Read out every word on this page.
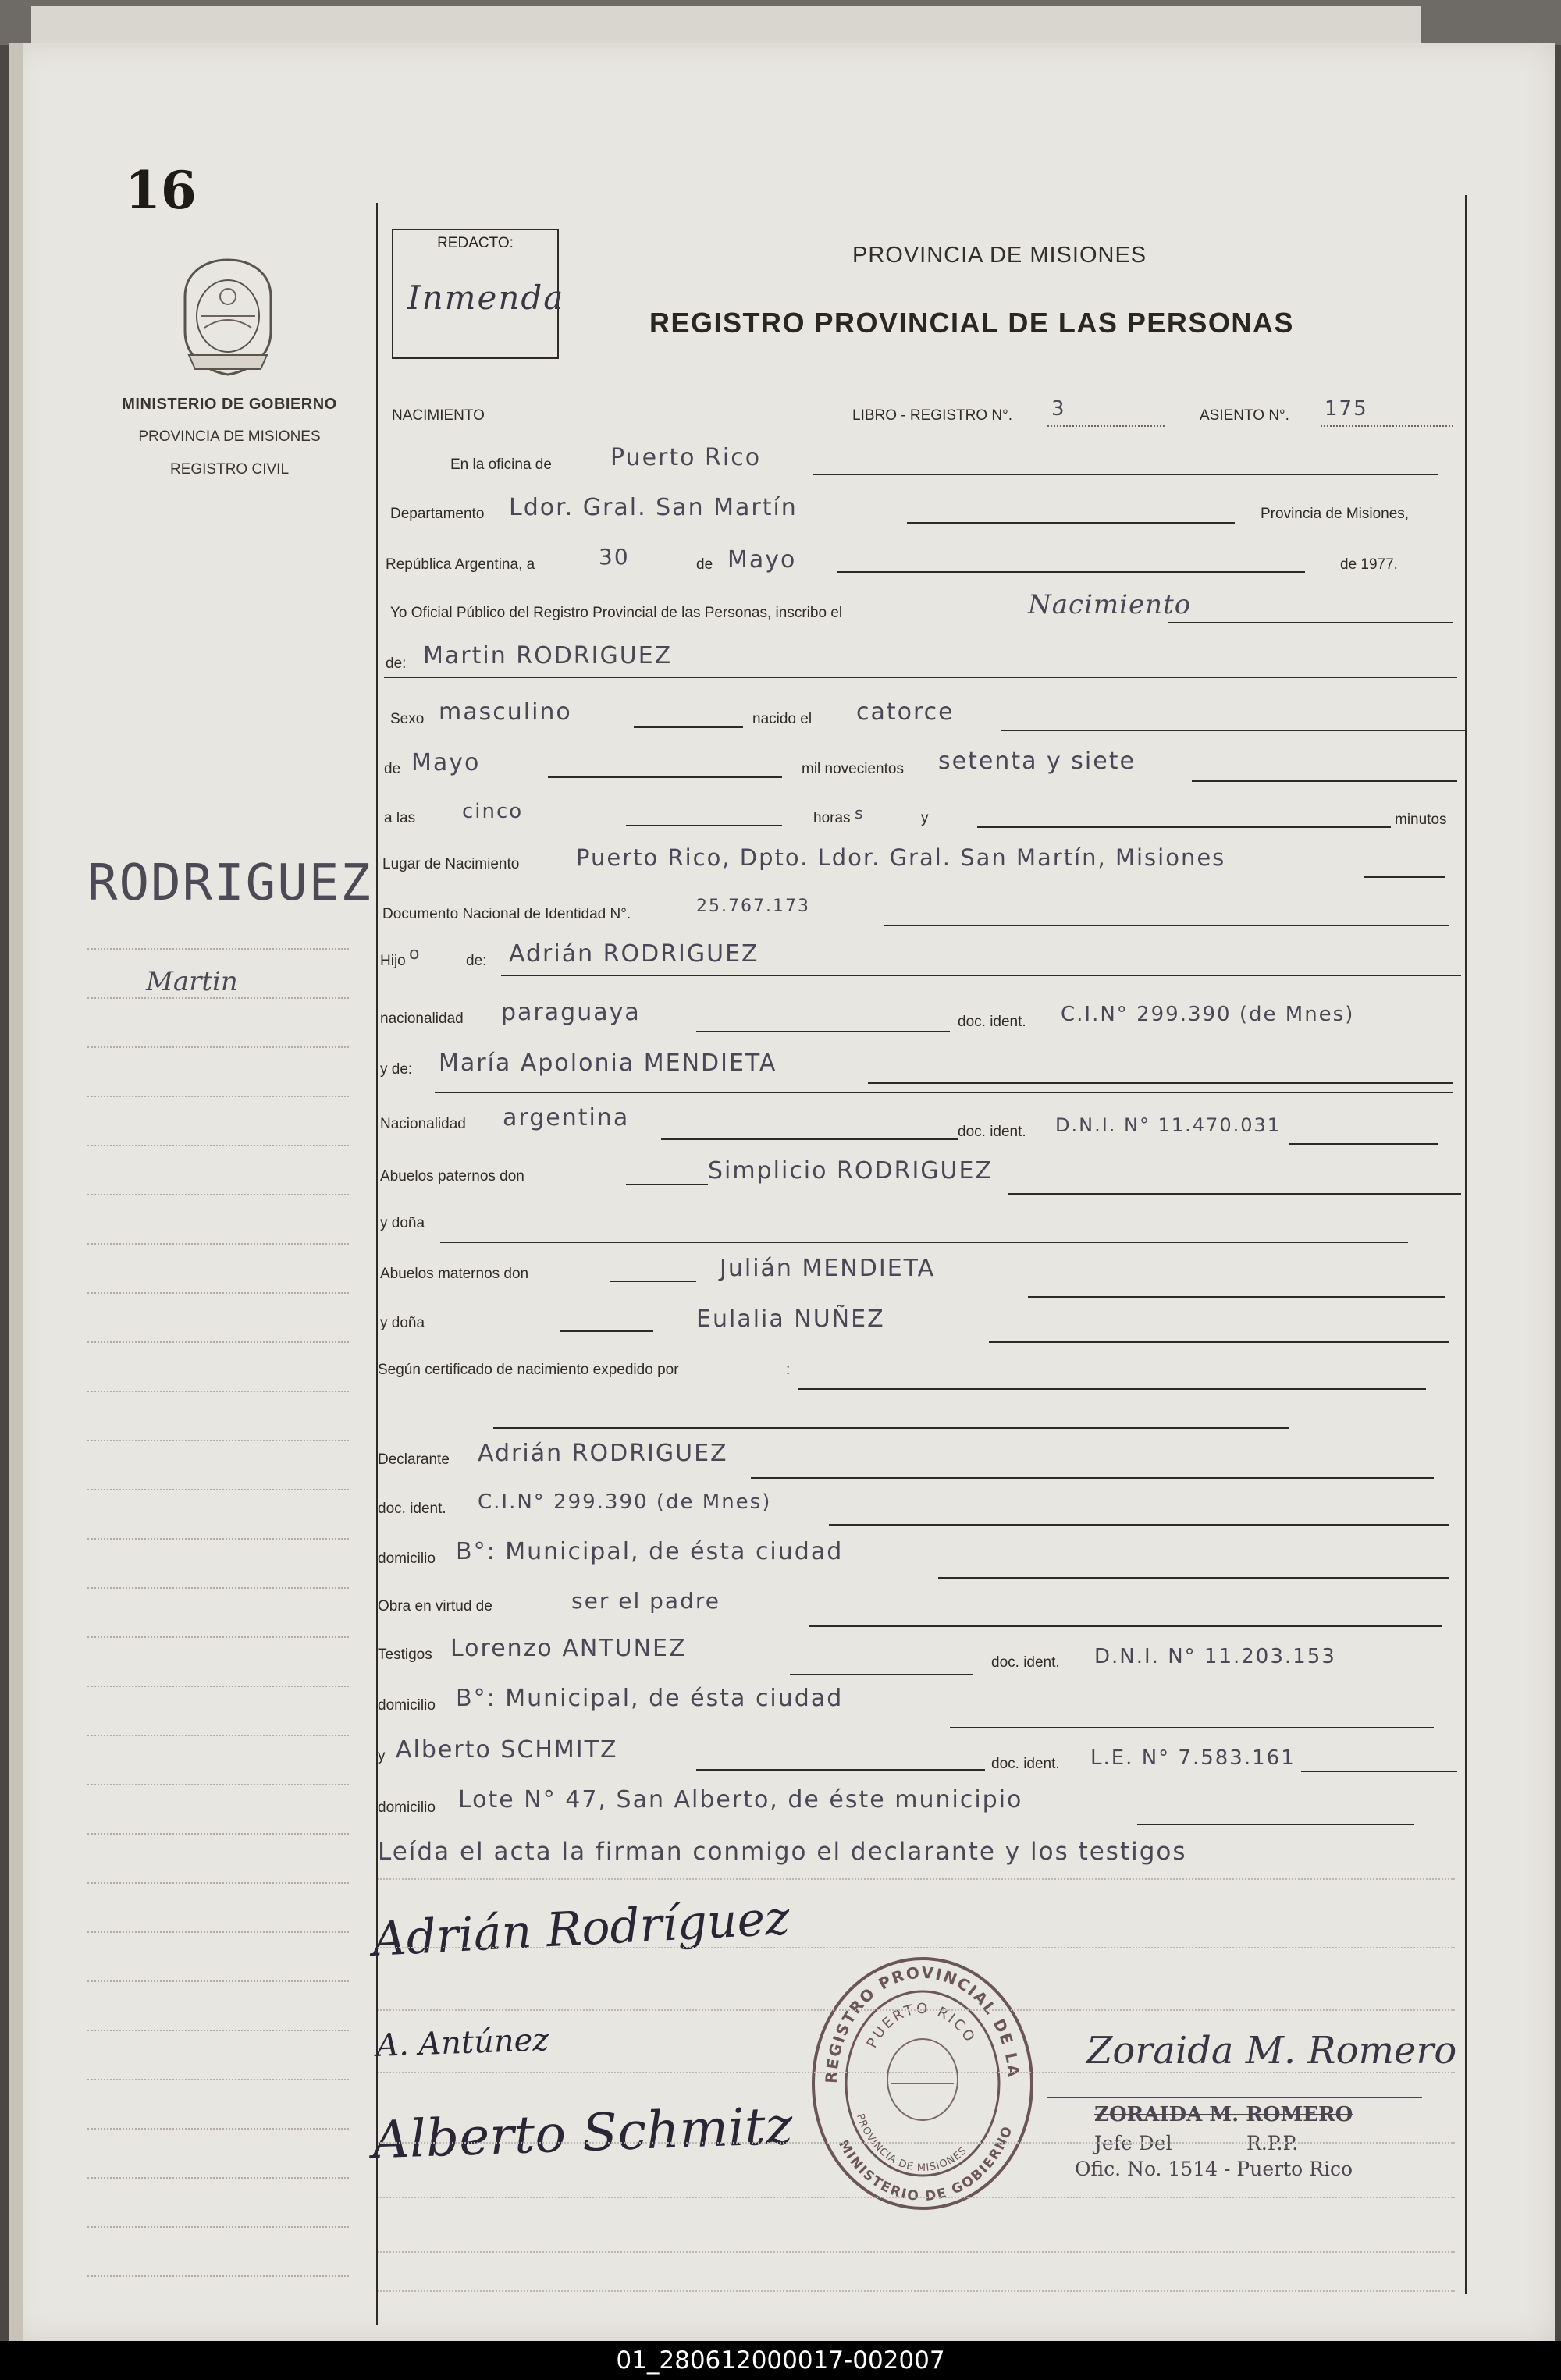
16
MINISTERIO DE GOBIERNO
PROVINCIA DE MISIONES
REGISTRO CIVIL
RODRIGUEZ
Martin
REDACTO:
Inmenda
PROVINCIA DE MISIONES
REGISTRO PROVINCIAL DE LAS PERSONAS
NACIMIENTO	LIBRO - REGISTRO N°. 3	ASIENTO N°. 175
En la oficina de	Puerto Rico
Departamento Ldor. Gral. San Martín	Provincia de Misiones,
República Argentina, a	30	de Mayo	de 1977.
Yo Oficial Público del Registro Provincial de las Personas, inscribo el	Nacimiento
de: Martin RODRIGUEZ
Sexo masculino	nacido el catorce
de Mayo	mil novecientos setenta y siete
a las cinco	horas s	y	minutos
Lugar de Nacimiento	Puerto Rico, Dpto. Ldor. Gral. San Martín, Misiones
Documento Nacional de Identidad N°.	25.767.173
Hijo o	de: Adrián RODRIGUEZ
nacionalidad paraguaya	doc. ident. C.I.N° 299.390 (de Mnes)
y de: María Apolonia MENDIETA
Nacionalidad argentina
doc. ident. D.N.I. N° 11.470.031
Abuelos paternos don	Simplicio RODRIGUEZ
y doña
Abuelos maternos don	Julián MENDIETA
y doña	Eulalia NUÑEZ
Según certificado de nacimiento expedido por	:
Declarante Adrián RODRIGUEZ
doc. ident. C.I.N° 299.390 (de Mnes)
domicilio B°: Municipal, de ésta ciudad
Obra en virtud de	ser el padre
Testigos Lorenzo ANTUNEZ
doc. ident. D.N.I. N° 11.203.153
domicilio B°: Municipal, de ésta ciudad
y Alberto SCHMITZ
doc. ident. L.E. N° 7.583.161
domicilio Lote N° 47, San Alberto, de éste municipio
Leída el acta la firman conmigo el declarante y los testigos
Adrián Rodríguez
A. Antúnez
Alberto Schmitz
Zoraida M. Romero
REGISTRO PROVINCIAL DE LA
PUERTO RICO
PROVINCIA DE MISIONES
MINISTERIO DE GOBIERNO
ZORAIDA M. ROMERO
Jefe Del	R.P.P.
Ofic. No. 1514 - Puerto Rico
01_280612000017-002007
